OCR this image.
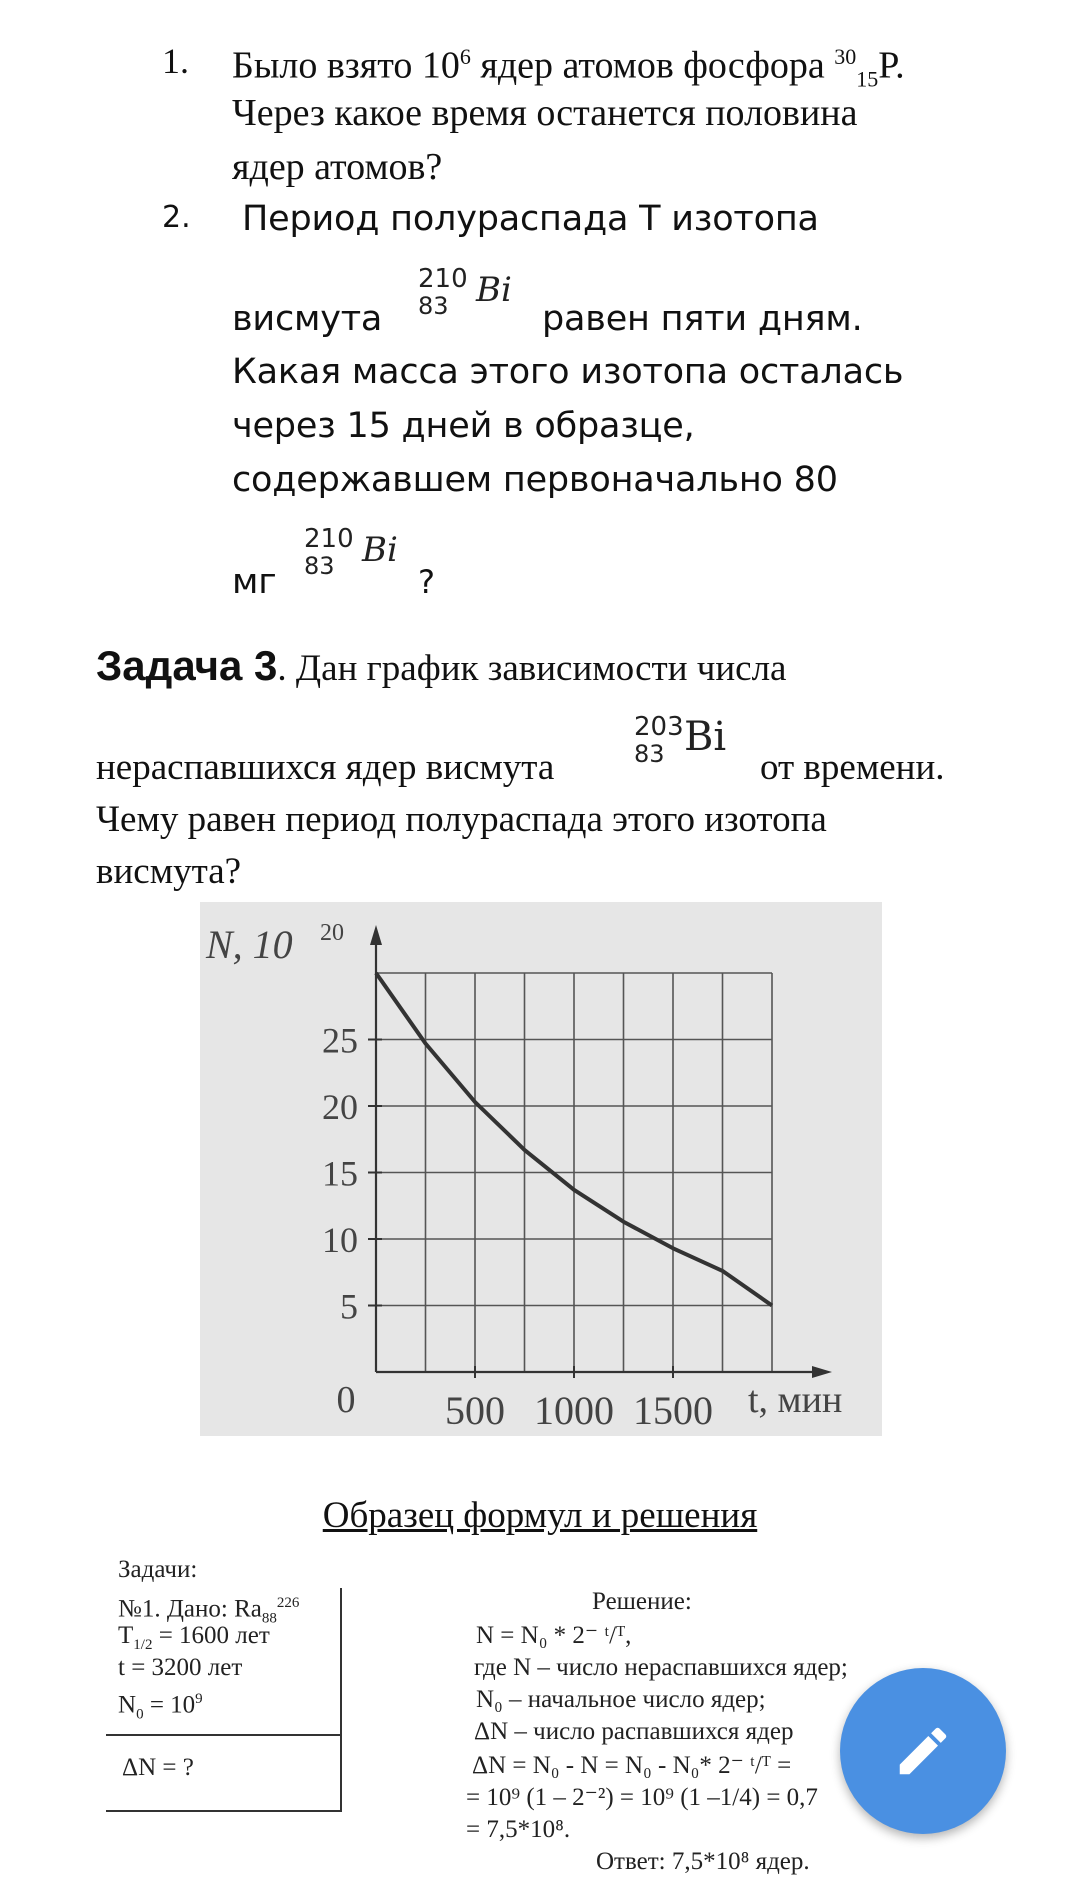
1. Было взято $10^6$ ядер атомов фосфора $^{30}_{15}$P.
Через какое время останется половина
ядер атомов?
2. Период полураспада T изотопа
висмута
210
83 Bi
равен пяти дням.
Какая масса этого изотопа осталась
через 15 дней в образце,
содержавшем первоначально 80
мг
210
83 Bi
?
Задача 3. Дан график зависимости числа
нераспавшихся ядер висмута
203
83 Bi
от времени.
Чему равен период полураспада этого изотопа
висмута?
5
10
15
20
25
500 1000 1500
0
N, 10 20
t, мин
Образец формул и решения
Задачи:
№1. Дано: $Ra_{88}^{226}$
$T_{1/2} = 1600$ лет
t = 3200 лет
$N_0 = 10^9$
ΔN = ?
Решение:
N = N₀ * 2⁻ ᵗ/ᵀ,
где N – число нераспавшихся ядер;
N₀ – начальное число ядер;
ΔN – число распавшихся ядер
ΔN = N₀ - N = N₀ - N₀* 2⁻ ᵗ/ᵀ =
= 10⁹ (1 – 2⁻²) = 10⁹ (1 –1/4) = 0,7
= 7,5*10⁸.
Ответ: 7,5*10⁸ ядер.
